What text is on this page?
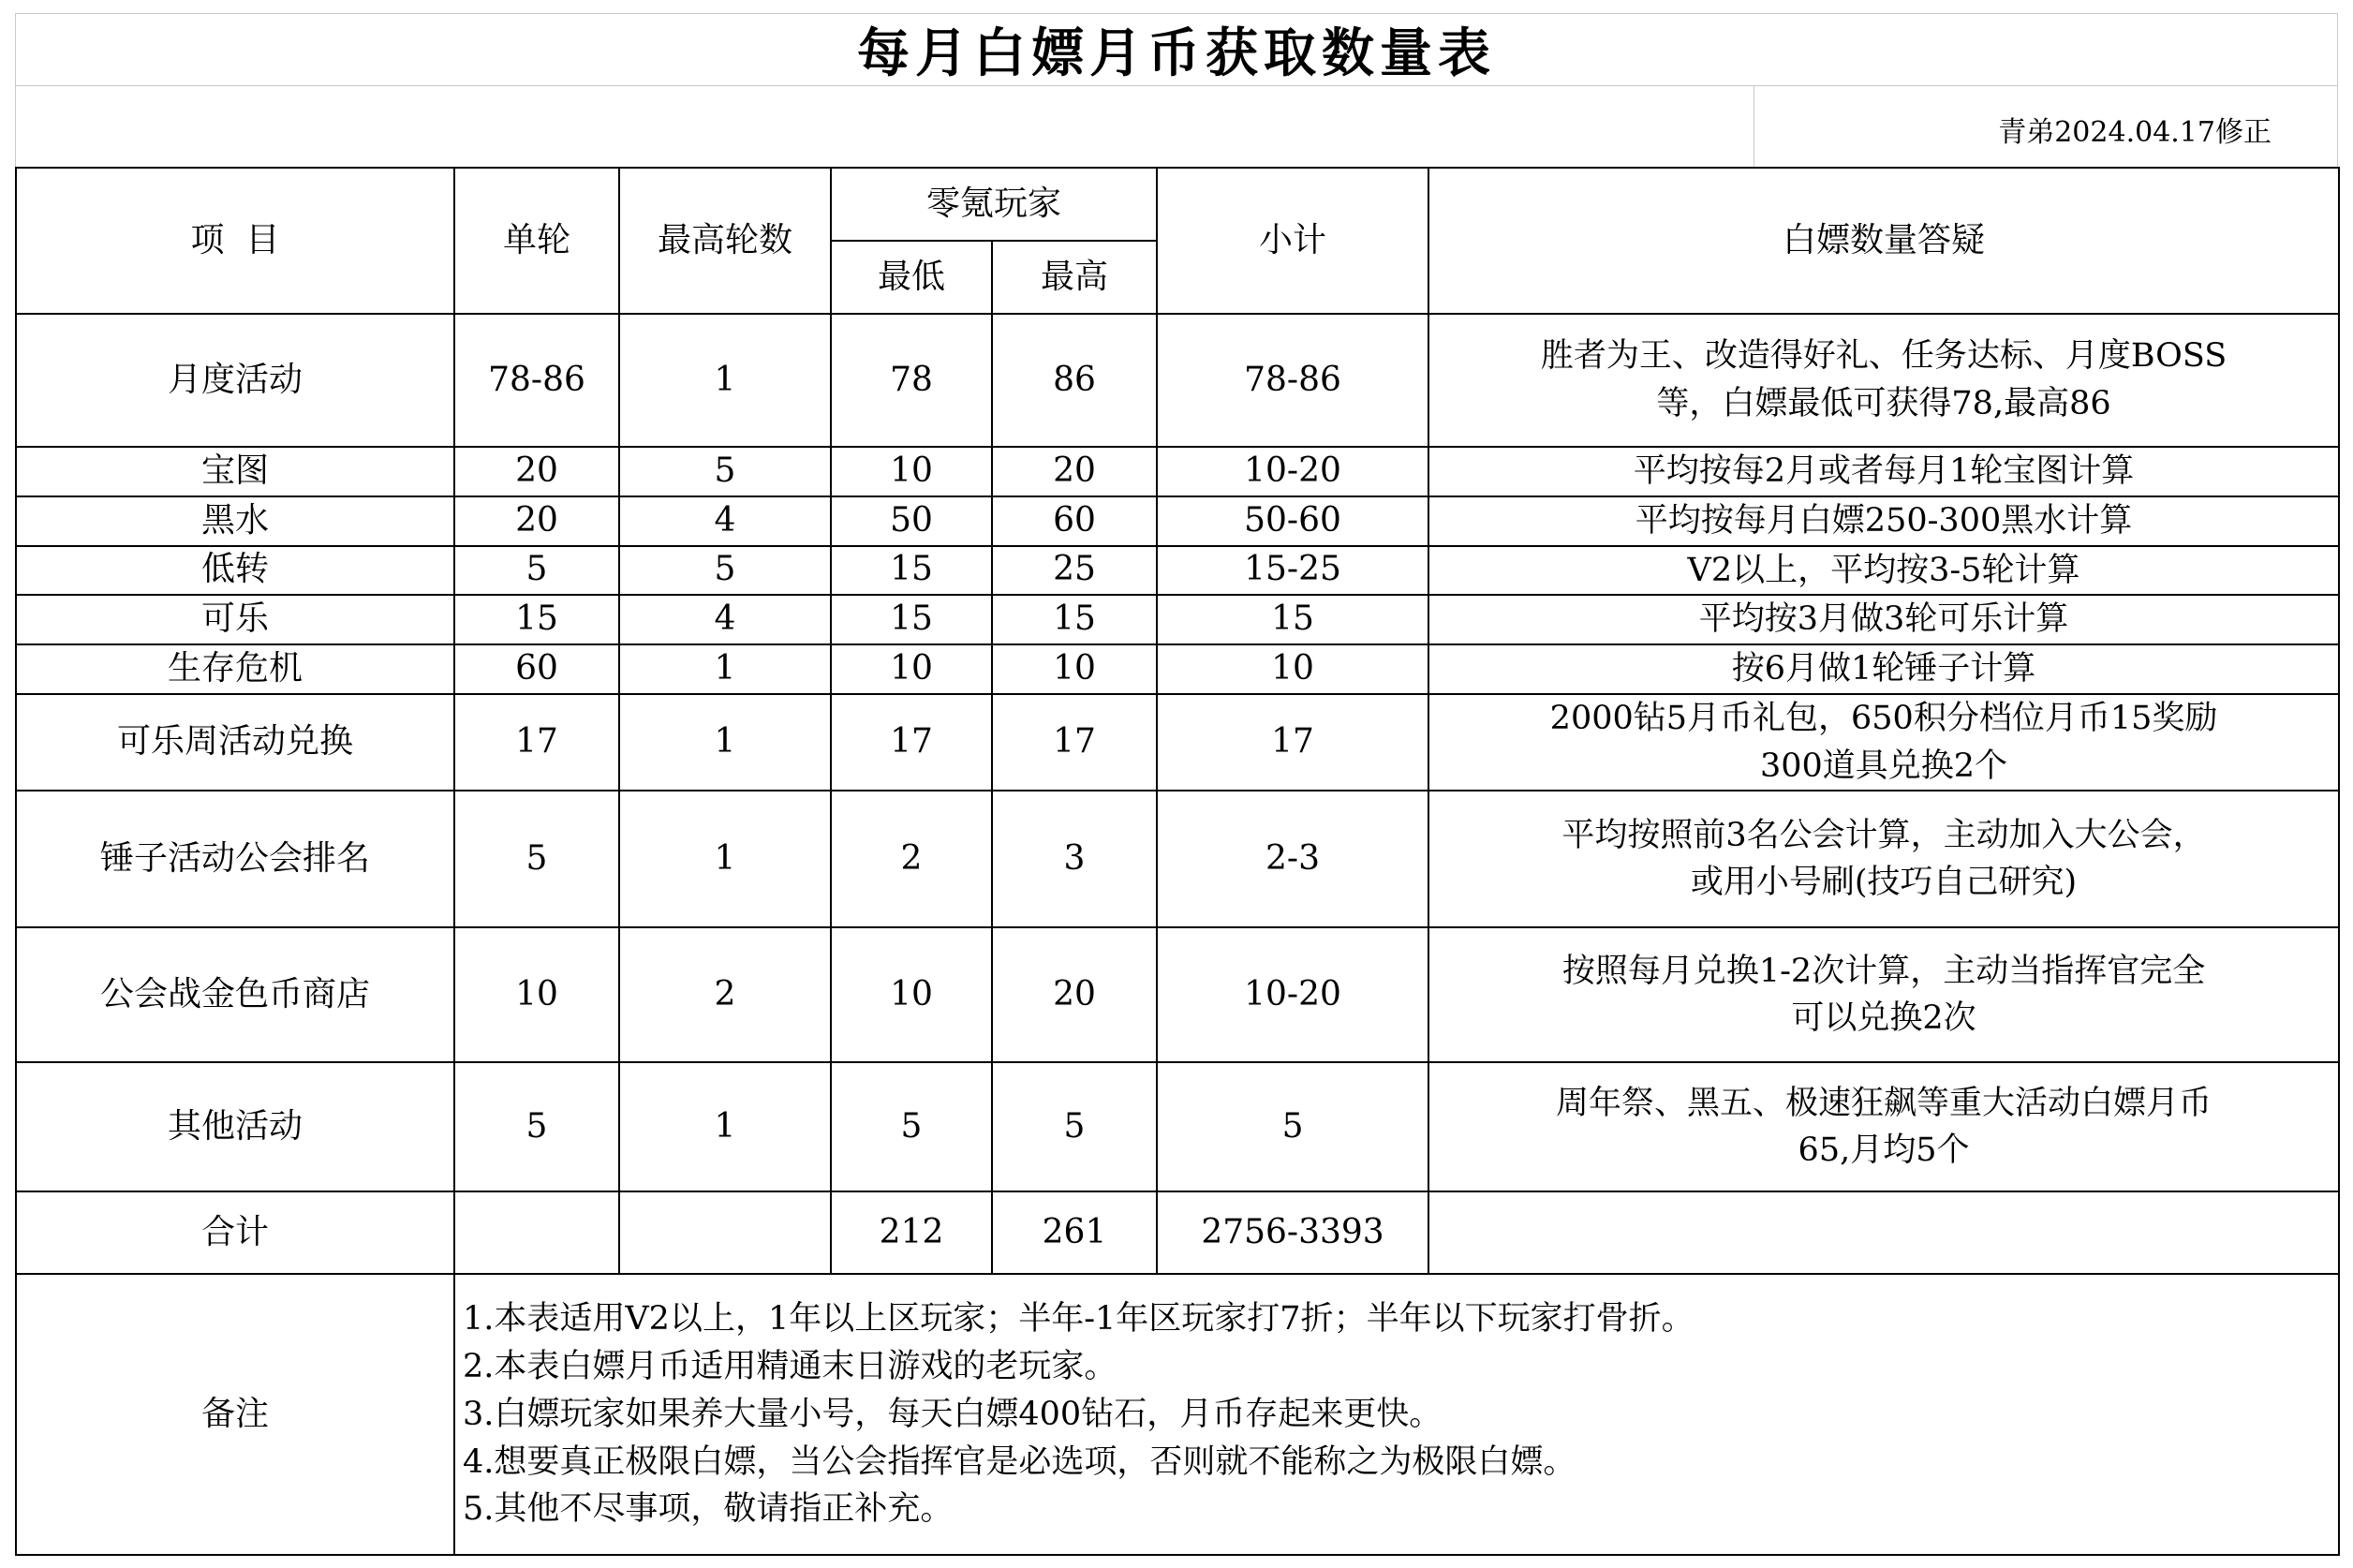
每月白嫖月币获取数量表
青弟2024.04.17修正
项  目	单轮	最高轮数	零氪玩家		小计	白嫖数量答疑
			最低	最高		
月度活动	78-86	1	78	86	78-86	胜者为王、改造得好礼、任务达标、月度BOSS
等，白嫖最低可获得78,最高86

宝图	20	5	10	20	10-20	平均按每2月或者每月1轮宝图计算

黑水	20	4	50	60	50-60	平均按每月白嫖250-300黑水计算

低转	5	5	15	25	15-25	V2以上，平均按3-5轮计算

可乐	15	4	15	15	15	平均按3月做3轮可乐计算

生存危机	60	1	10	10	10	按6月做1轮锤子计算

可乐周活动兑换	17	1	17	17	17	2000钻5月币礼包，650积分档位月币15奖励
300道具兑换2个

锤子活动公会排名	5	1	2	3	2-3	平均按照前3名公会计算，主动加入大公会，
或用小号刷(技巧自己研究)

公会战金色币商店	10	2	10	20	10-20	按照每月兑换1-2次计算，主动当指挥官完全
可以兑换2次

其他活动	5	1	5	5	5	周年祭、黑五、极速狂飙等重大活动白嫖月币
65,月均5个

合计			212	261	2756-3393	
备注	1.本表适用V2以上，1年以上区玩家；半年-1年区玩家打7折；半年以下玩家打骨折。
2.本表白嫖月币适用精通末日游戏的老玩家。
3.白嫖玩家如果养大量小号，每天白嫖400钻石，月币存起来更快。
4.想要真正极限白嫖，当公会指挥官是必选项，否则就不能称之为极限白嫖。
5.其他不尽事项，敬请指正补充。					
